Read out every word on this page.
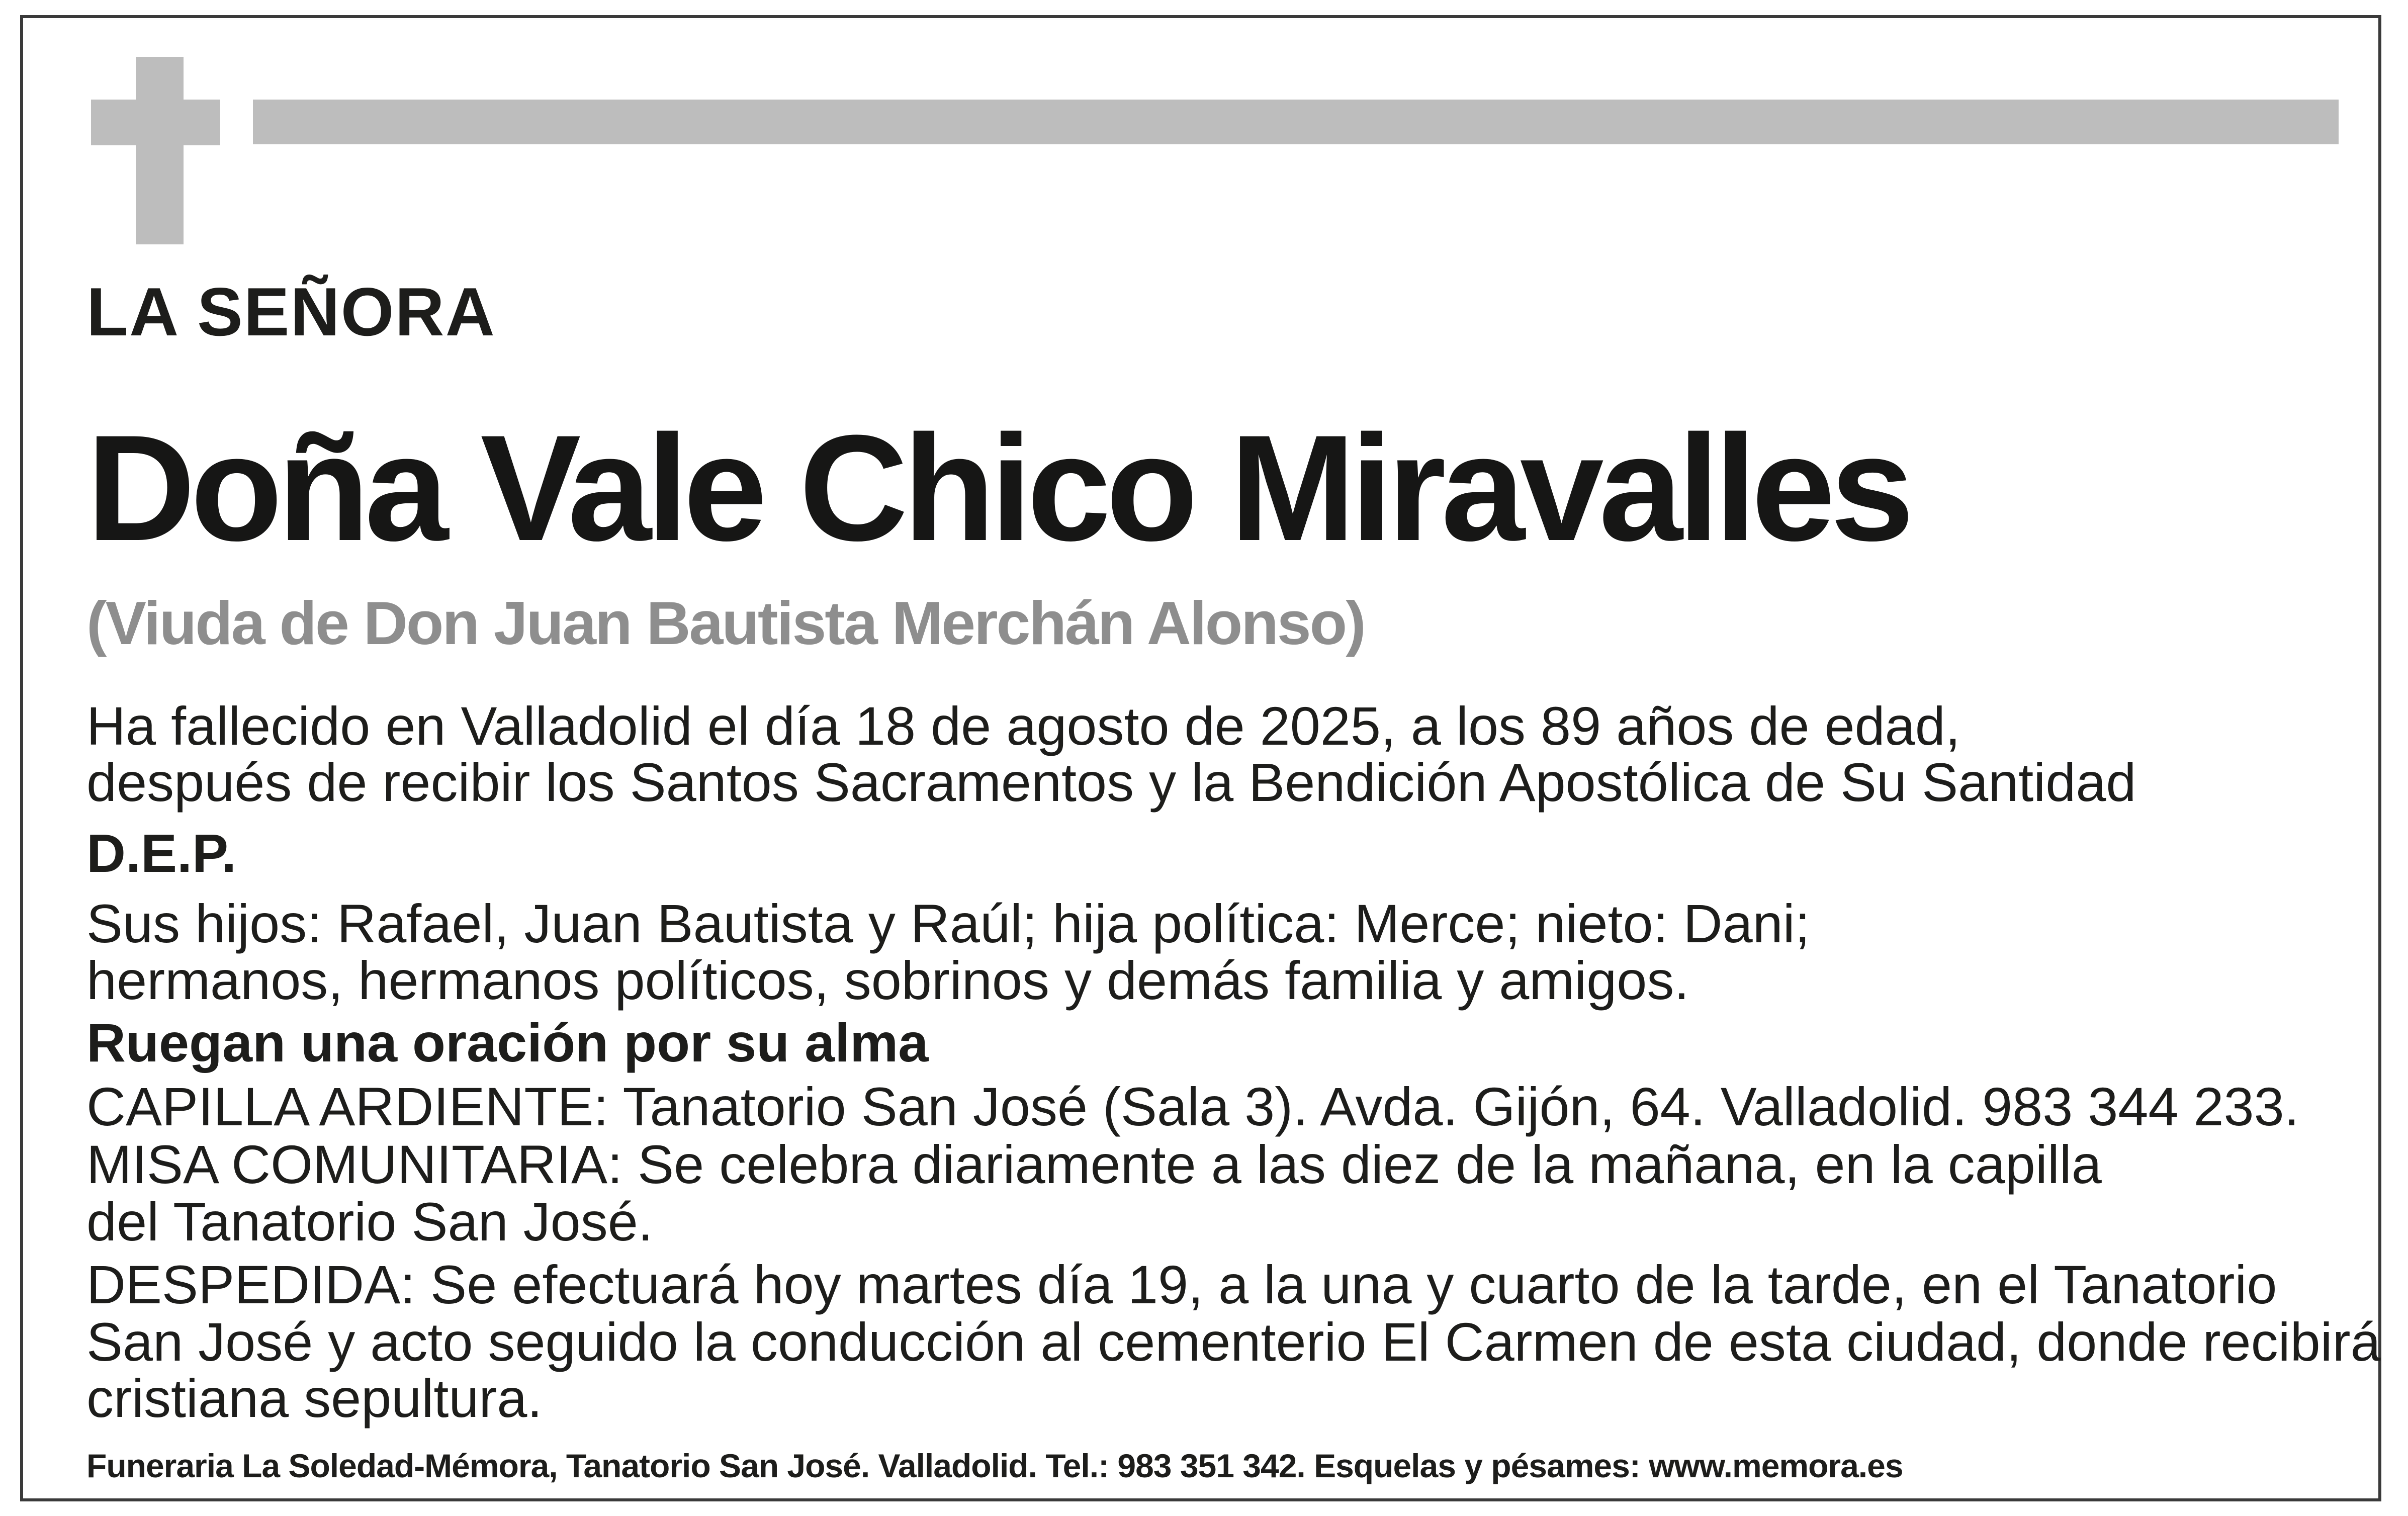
LA SEÑORA
Doña Vale Chico Miravalles
(Viuda de Don Juan Bautista Merchán Alonso)
Ha fallecido en Valladolid el día 18 de agosto de 2025, a los 89 años de edad,
después de recibir los Santos Sacramentos y la Bendición Apostólica de Su Santidad
D.E.P.
Sus hijos: Rafael, Juan Bautista y Raúl; hija política: Merce; nieto: Dani;
hermanos, hermanos políticos, sobrinos y demás familia y amigos.
Ruegan una oración por su alma
CAPILLA ARDIENTE: Tanatorio San José (Sala 3). Avda. Gijón, 64. Valladolid. 983 344 233.
MISA COMUNITARIA: Se celebra diariamente a las diez de la mañana, en la capilla
del Tanatorio San José.
DESPEDIDA: Se efectuará hoy martes día 19, a la una y cuarto de la tarde, en el Tanatorio
San José y acto seguido la conducción al cementerio El Carmen de esta ciudad, donde recibirá
cristiana sepultura.
Funeraria La Soledad-Mémora, Tanatorio San José. Valladolid. Tel.: 983 351 342. Esquelas y pésames: www.memora.es
